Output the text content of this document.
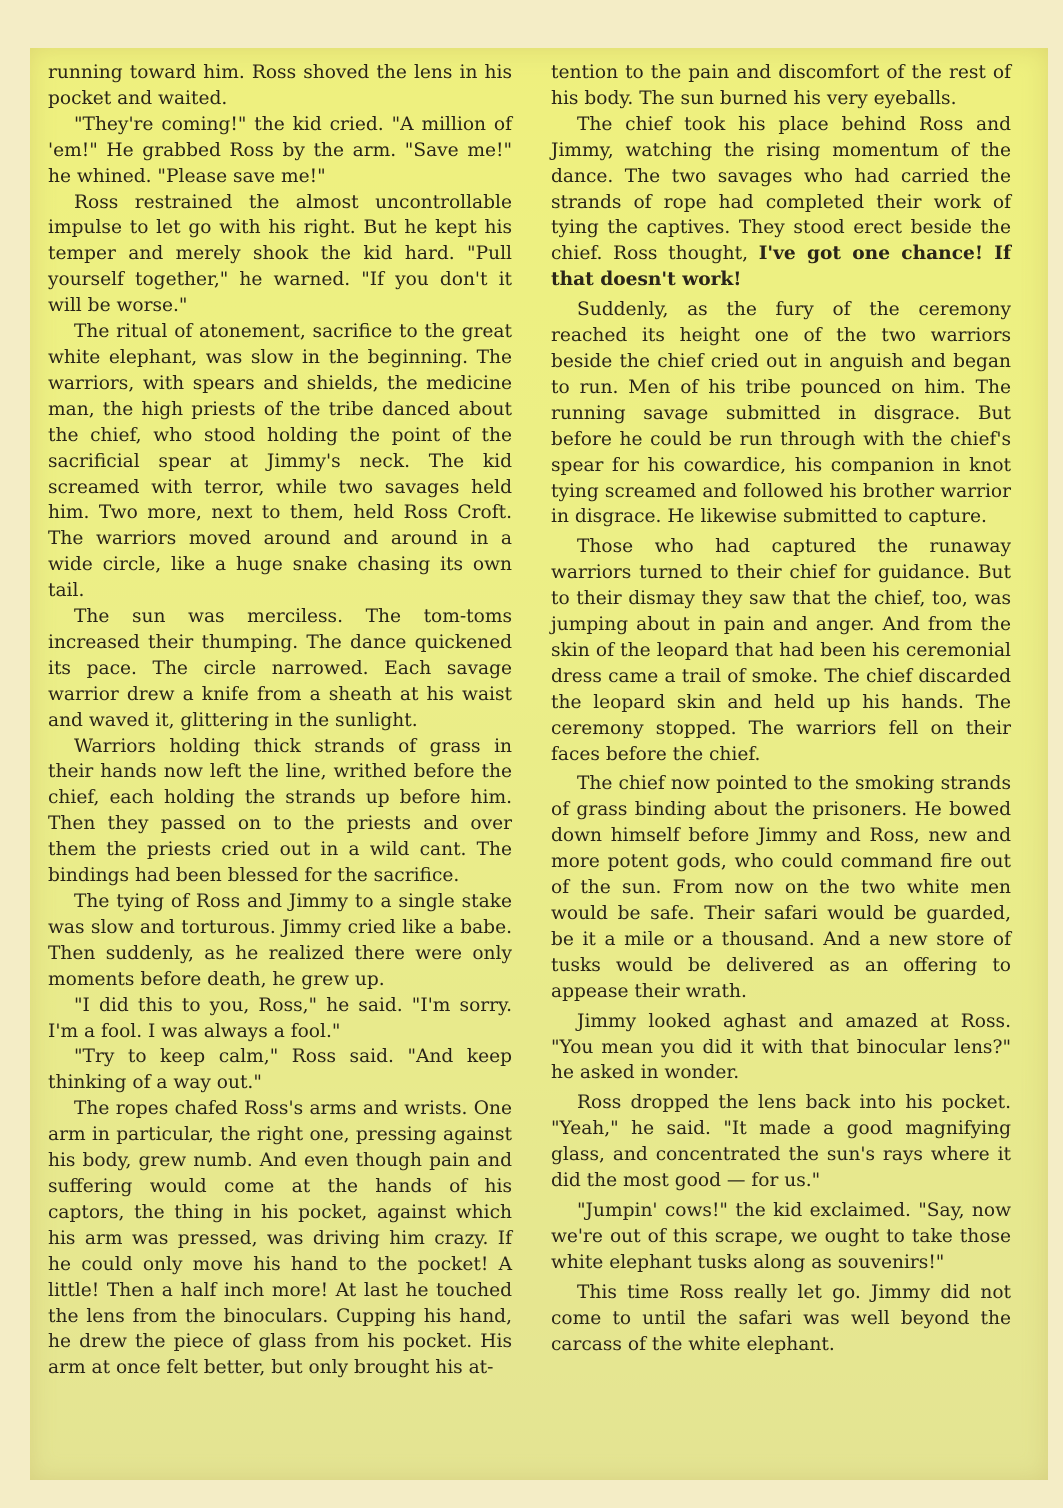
running toward him. Ross shoved the lens in his pocket and waited.

"They're coming!" the kid cried. "A million of 'em!" He grabbed Ross by the arm. "Save me!" he whined. "Please save me!"

Ross restrained the almost uncontrollable impulse to let go with his right. But he kept his temper and merely shook the kid hard. "Pull yourself together," he warned. "If you don't it will be worse."

The ritual of atonement, sacrifice to the great white elephant, was slow in the beginning. The warriors, with spears and shields, the medicine man, the high priests of the tribe danced about the chief, who stood holding the point of the sacrificial spear at Jimmy's neck. The kid screamed with terror, while two savages held him. Two more, next to them, held Ross Croft. The warriors moved around and around in a wide circle, like a huge snake chasing its own tail.

The sun was merciless. The tom-toms increased their thumping. The dance quickened its pace. The circle narrowed. Each savage warrior drew a knife from a sheath at his waist and waved it, glittering in the sunlight.

Warriors holding thick strands of grass in their hands now left the line, writhed before the chief, each holding the strands up before him. Then they passed on to the priests and over them the priests cried out in a wild cant. The bindings had been blessed for the sacrifice.

The tying of Ross and Jimmy to a single stake was slow and torturous. Jimmy cried like a babe. Then suddenly, as he realized there were only moments before death, he grew up.

"I did this to you, Ross," he said. "I'm sorry. I'm a fool. I was always a fool."

"Try to keep calm," Ross said. "And keep thinking of a way out."

The ropes chafed Ross's arms and wrists. One arm in particular, the right one, pressing against his body, grew numb. And even though pain and suffering would come at the hands of his captors, the thing in his pocket, against which his arm was pressed, was driving him crazy. If he could only move his hand to the pocket! A little! Then a half inch more! At last he touched the lens from the binoculars. Cupping his hand, he drew the piece of glass from his pocket. His arm at once felt better, but only brought his at-

tention to the pain and discomfort of the rest of his body. The sun burned his very eyeballs.

The chief took his place behind Ross and Jimmy, watching the rising momentum of the dance. The two savages who had carried the strands of rope had completed their work of tying the captives. They stood erect beside the chief. Ross thought, I've got one chance! If that doesn't work!

Suddenly, as the fury of the ceremony reached its height one of the two warriors beside the chief cried out in anguish and began to run. Men of his tribe pounced on him. The running savage submitted in disgrace. But before he could be run through with the chief's spear for his cowardice, his companion in knot tying screamed and followed his brother warrior in disgrace. He likewise submitted to capture.

Those who had captured the runaway warriors turned to their chief for guidance. But to their dismay they saw that the chief, too, was jumping about in pain and anger. And from the skin of the leopard that had been his ceremonial dress came a trail of smoke. The chief discarded the leopard skin and held up his hands. The ceremony stopped. The warriors fell on their faces before the chief.

The chief now pointed to the smoking strands of grass binding about the prisoners. He bowed down himself before Jimmy and Ross, new and more potent gods, who could command fire out of the sun. From now on the two white men would be safe. Their safari would be guarded, be it a mile or a thousand. And a new store of tusks would be delivered as an offering to appease their wrath.

Jimmy looked aghast and amazed at Ross. "You mean you did it with that binocular lens?" he asked in wonder.

Ross dropped the lens back into his pocket. "Yeah," he said. "It made a good magnifying glass, and concentrated the sun's rays where it did the most good — for us."

"Jumpin' cows!" the kid exclaimed. "Say, now we're out of this scrape, we ought to take those white elephant tusks along as souvenirs!"

This time Ross really let go. Jimmy did not come to until the safari was well beyond the carcass of the white elephant.
